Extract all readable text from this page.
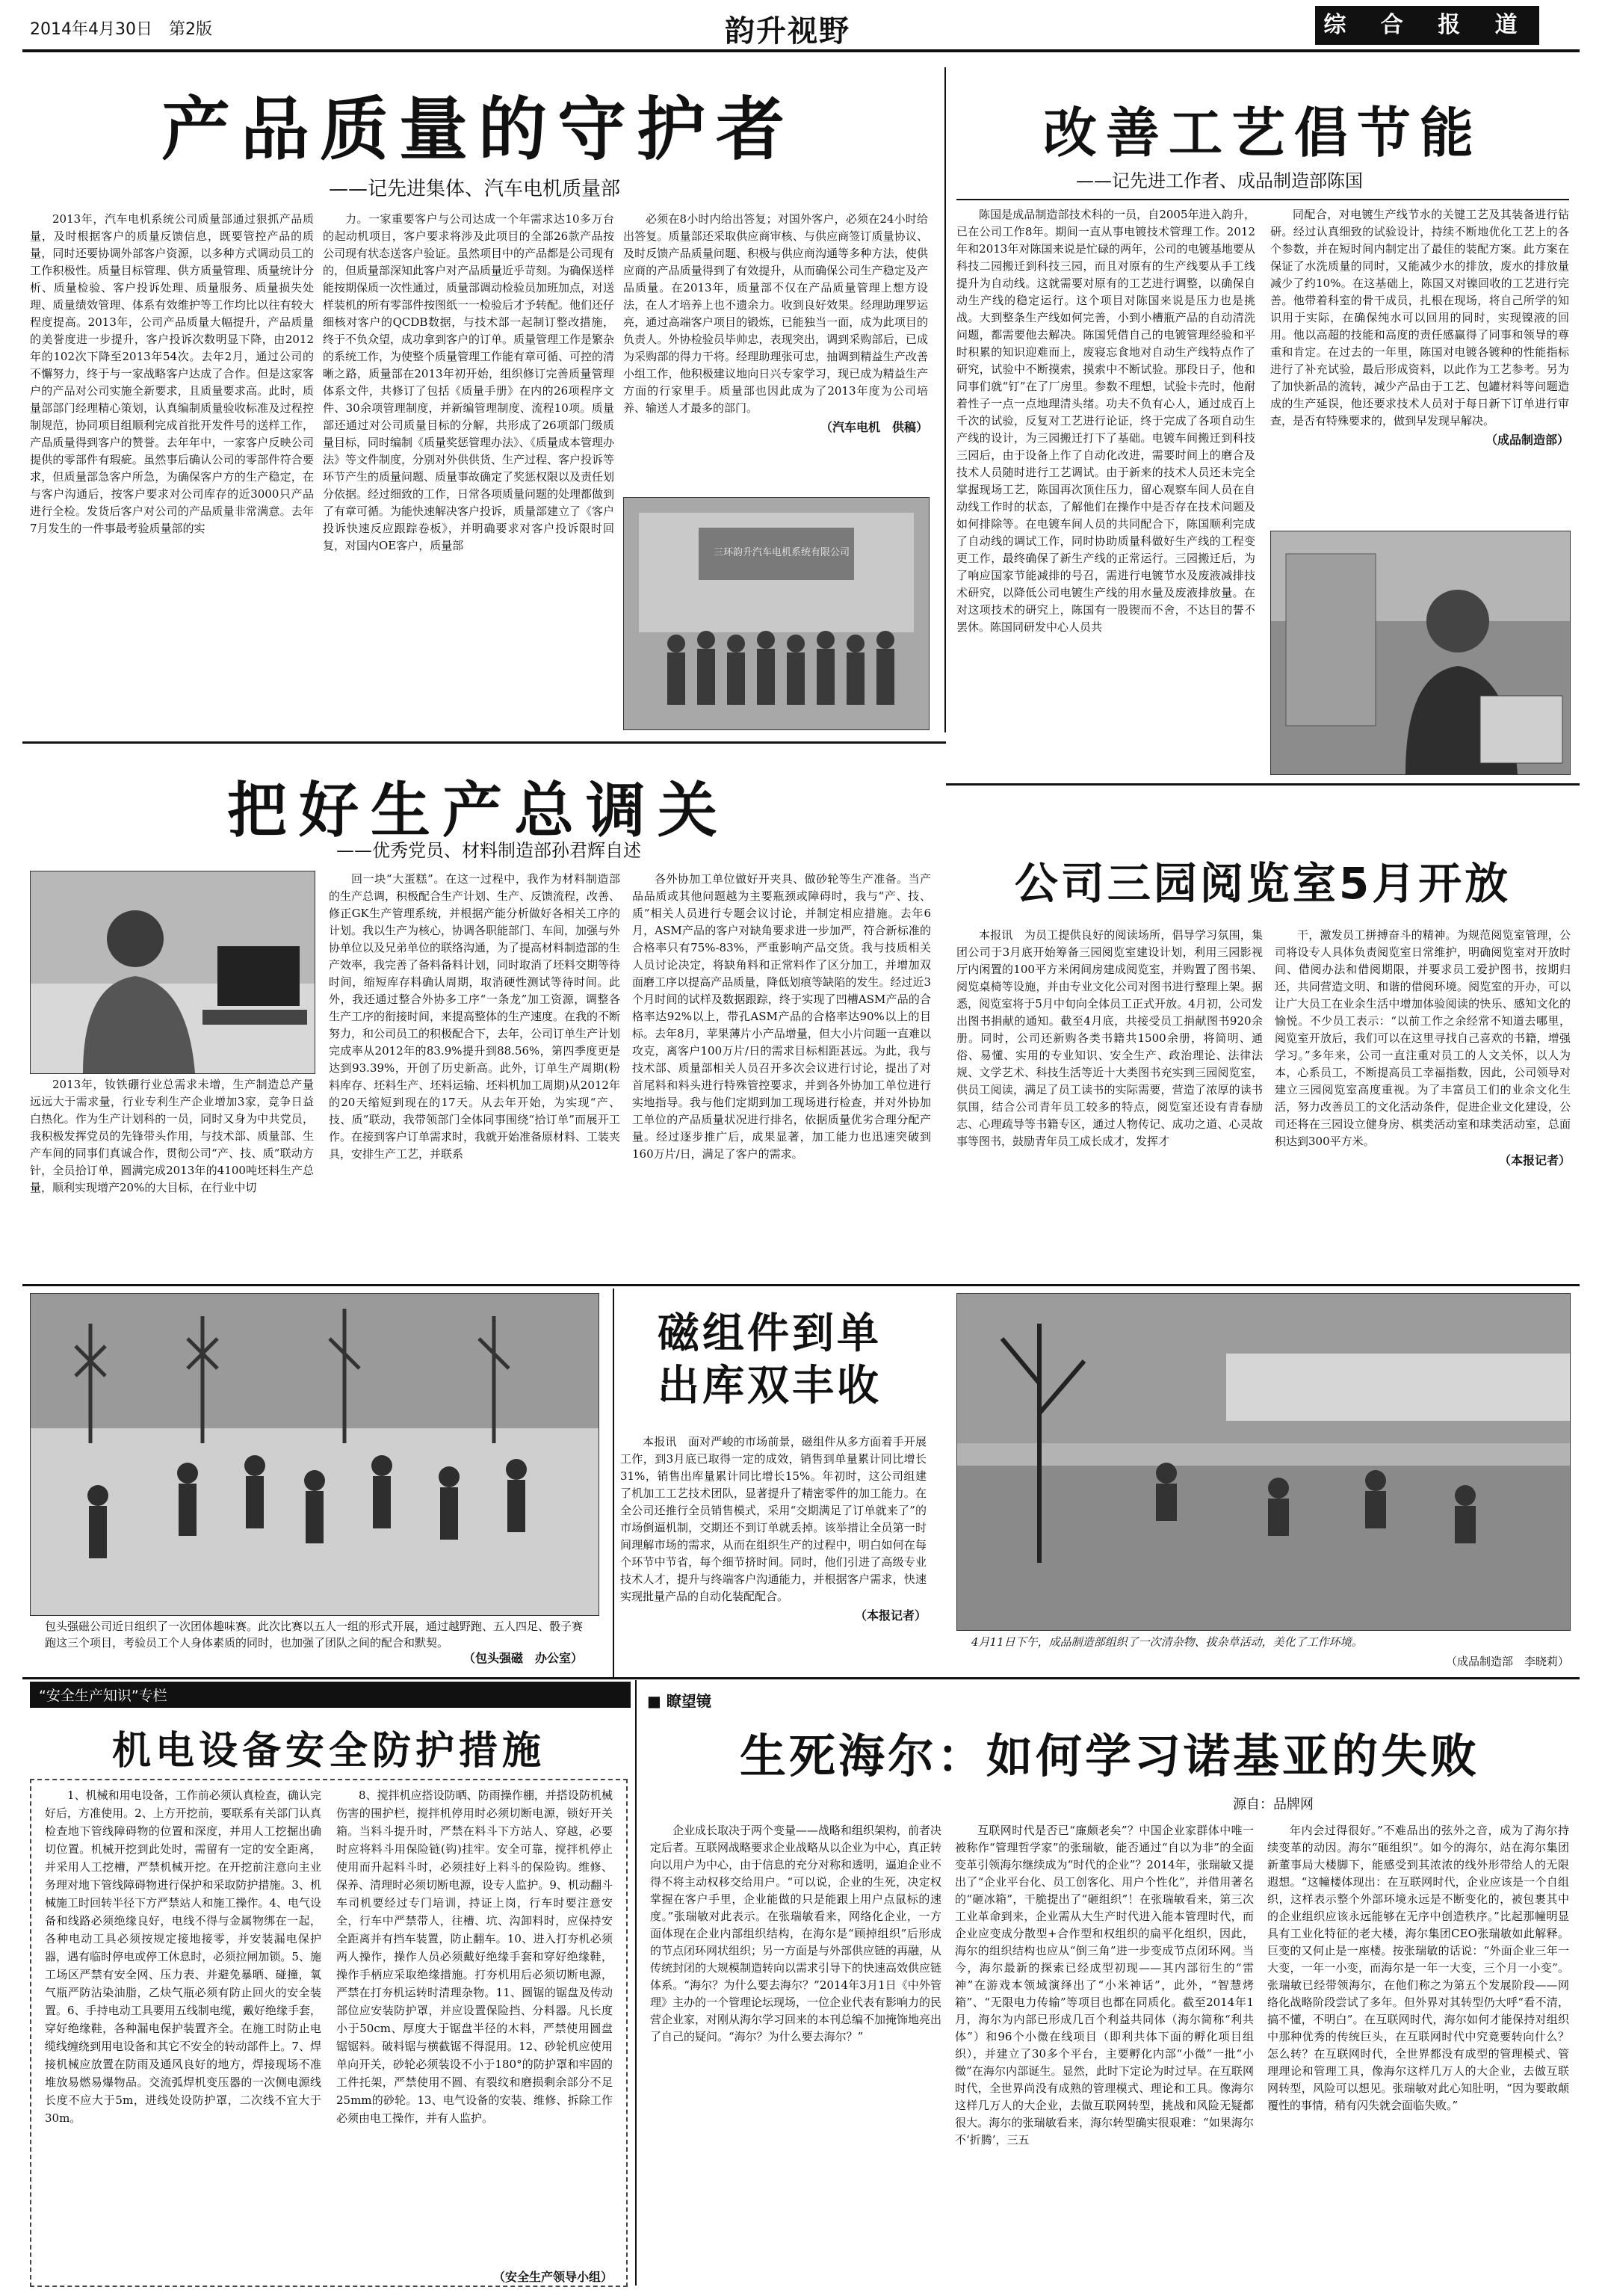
2014年4月30日　第2版	韵升视野	综 合 报 道
产品质量的守护者
——记先进集体、汽车电机质量部

2013年，汽车电机系统公司质量部通过狠抓产品质量，及时根据客户的质量反馈信息，既要管控产品的质量，同时还要协调外部客户资源，以多种方式调动员工的工作积极性。质量目标管理、供方质量管理、质量统计分析、质量检验、客户投诉处理、质量服务、质量损失处理、质量绩效管理、体系有效维护等工作均比以往有较大程度提高。2013年，公司产品质量大幅提升，产品质量的美誉度进一步提升，客户投诉次数明显下降，由2012年的102次下降至2013年54次。去年2月，通过公司的不懈努力，终于与一家战略客户达成了合作。但是这家客户的产品对公司实施全新要求，且质量要求高。此时，质量部部门经理精心策划，认真编制质量验收标准及过程控制规范，协同项目组顺利完成首批开发件号的送样工作，产品质量得到客户的赞誉。去年年中，一家客户反映公司提供的零部件有瑕疵。虽然事后确认公司的零部件符合要求，但质量部急客户所急，为确保客户方的生产稳定，在与客户沟通后，按客户要求对公司库存的近3000只产品进行全检。发货后客户对公司的产品质量非常满意。去年7月发生的一件事最考验质量部的实

力。一家重要客户与公司达成一个年需求达10多万台的起动机项目，客户要求将涉及此项目的全部26款产品按公司现有状态送客户验证。虽然项目中的产品都是公司现有的，但质量部深知此客户对产品质量近乎苛刻。为确保送样能按期保质一次性通过，质量部调动检验员加班加点，对送样装机的所有零部件按图纸一一检验后才予转配。他们还仔细核对客户的QCDB数据，与技术部一起制订整改措施，终于不负众望，成功拿到客户的订单。质量管理工作是繁杂的系统工作，为使整个质量管理工作能有章可循、可控的清晰之路，质量部在2013年初开始，组织修订完善质量管理体系文件，共修订了包括《质量手册》在内的26项程序文件、30余项管理制度，并新编管理制度、流程10项。质量部还通过对公司质量目标的分解，共形成了26项部门级质量目标，同时编制《质量奖惩管理办法》、《质量成本管理办法》等文件制度，分别对外供供货、生产过程、客户投诉等环节产生的质量问题、质量事故确定了奖惩权限以及责任划分依据。经过细致的工作，日常各项质量问题的处理都做到了有章可循。为能快速解决客户投诉，质量部建立了《客户投诉快速反应跟踪卷板》，并明确要求对客户投诉限时回复，对国内OE客户，质量部

必须在8小时内给出答复；对国外客户，必须在24小时给出答复。质量部还采取供应商审核、与供应商签订质量协议、及时反馈产品质量问题、积极与供应商沟通等多种方法，使供应商的产品质量得到了有效提升，从而确保公司生产稳定及产品质量。在2013年，质量部不仅在产品质量管理上想方设法，在人才培养上也不遗余力。收到良好效果。经理助理罗运亮，通过高端客户项目的锻炼，已能独当一面，成为此项目的负责人。外协检验员毕帅忠，表现突出，调到采购部后，已成为采购部的得力干将。经理助理张可忠，抽调到精益生产改善小组工作，他积极建议地向日兴专家学习，现已成为精益生产方面的行家里手。质量部也因此成为了2013年度为公司培养、输送人才最多的部门。

（汽车电机　供稿）
三环韵升汽车电机系统有限公司
改善工艺倡节能
——记先进工作者、成品制造部陈国

陈国是成品制造部技术科的一员，自2005年进入韵升，已在公司工作8年。期间一直从事电镀技术管理工作。2012年和2013年对陈国来说是忙碌的两年，公司的电镀基地要从科技二园搬迁到科技三园，而且对原有的生产线要从手工线提升为自动线。这就需要对原有的工艺进行调整，以确保自动生产线的稳定运行。这个项目对陈国来说是压力也是挑战。大到整条生产线如何完善，小到小槽瓶产品的自动清洗问题，都需要他去解决。陈国凭借自己的电镀管理经验和平时积累的知识迎难而上，废寝忘食地对自动生产线特点作了研究，试验中不断摸索，摸索中不断试验。那段日子，他和同事们就“钉”在了厂房里。参数不理想，试验卡壳时，他耐着性子一点一点地理清头绪。功夫不负有心人，通过成百上千次的试验，反复对工艺进行论证，终于完成了各项自动生产线的设计，为三园搬迁打下了基础。电镀车间搬迁到科技三园后，由于设备上作了自动化改进，需要时间上的磨合及技术人员随时进行工艺调试。由于新来的技术人员还未完全掌握现场工艺，陈国再次顶住压力，留心观察车间人员在自动线工作时的状态，了解他们在操作中是否存在技术问题及如何排除等。在电镀车间人员的共同配合下，陈国顺利完成了自动线的调试工作，同时协助质量科做好生产线的工程变更工作，最终确保了新生产线的正常运行。三园搬迁后，为了响应国家节能减排的号召，需进行电镀节水及废液减排技术研究，以降低公司电镀生产线的用水量及废液排放量。在对这项技术的研究上，陈国有一股锲而不舍，不达目的誓不罢休。陈国同研发中心人员共

同配合，对电镀生产线节水的关键工艺及其装备进行钻研。经过认真细致的试验设计，持续不断地优化工艺上的各个参数，并在短时间内制定出了最佳的装配方案。此方案在保证了水洗质量的同时，又能减少水的排放，废水的排放量减少了约10%。在这基础上，陈国又对镍回收的工艺进行完善。他带着科室的骨干成员，扎根在现场，将自己所学的知识用于实际，在确保纯水可以回用的同时，实现镍液的回用。他以高超的技能和高度的责任感赢得了同事和领导的尊重和肯定。在过去的一年里，陈国对电镀各镀种的性能指标进行了补充试验，最后形成资料，以此作为工艺参考。另为了加快新品的流转，减少产品由于工艺、包罐材料等问题造成的生产延误，他还要求技术人员对于每日新下订单进行审查，是否有特殊要求的，做到早发现早解决。

（成品制造部）
把好生产总调关
——优秀党员、材料制造部孙君辉自述

2013年，钕铁硼行业总需求未增，生产制造总产量远远大于需求量，行业专利生产企业增加3家，竞争日益白热化。作为生产计划科的一员，同时又身为中共党员，我积极发挥党员的先锋带头作用，与技术部、质量部、生产车间的同事们真诚合作，贯彻公司“产、技、质”联动方针，全员拾订单，圆满完成2013年的4100吨坯料生产总量，顺利实现增产20%的大目标，在行业中切

回一块“大蛋糕”。在这一过程中，我作为材料制造部的生产总调，积极配合生产计划、生产、反馈流程，改善、修正GK生产管理系统，并根据产能分析做好各相关工序的计划。我以生产为核心，协调各职能部门、车间，加强与外协单位以及兄弟单位的联络沟通，为了提高材料制造部的生产效率，我完善了备料备料计划，同时取消了坯料交期等待时间，缩短库存料确认周期，取消硬性测试等待时间。此外，我还通过整合外协多工序“一条龙”加工资源，调整各生产工序的衔接时间，来提高整体的生产速度。在我的不断努力，和公司员工的积极配合下，去年，公司订单生产计划完成率从2012年的83.9%提升到88.56%，第四季度更是达到93.39%，开创了历史新高。此外，订单生产周期(粉料库存、坯料生产、坯料运输、坯料机加工周期)从2012年的20天缩短到现在的17天。从去年开始，为实现“产、技、质”联动，我带领部门全体同事围绕“拾订单”而展开工作。在接到客户订单需求时，我就开始准备原材料、工装夹具，安排生产工艺，并联系

各外协加工单位做好开夹具、做砂轮等生产准备。当产品品质或其他问题越为主要瓶颈或障碍时，我与“产、技、质”相关人员进行专题会议讨论，并制定相应措施。去年6月，ASM产品的客户对缺角要求进一步加严，符合新标准的合格率只有75%-83%，严重影响产品交货。我与技质相关人员讨论决定，将缺角料和正常料作了区分加工，并增加双面磨工序以提高产品质量，降低划痕等缺陷的发生。经过近3个月时间的试样及数据跟踪，终于实现了凹槽ASM产品的合格率达92%以上，带孔ASM产品的合格率达90%以上的目标。去年8月，苹果薄片小产品增量，但大小片问题一直难以攻克，离客户100万片/日的需求目标相距甚远。为此，我与技术部、质量部相关人员召开多次会议进行讨论，提出了对首尾料和料头进行特殊管控要求，并到各外协加工单位进行实地指导。我与他们定期到加工现场进行检查，并对外协加工单位的产品质量状况进行排名，依据质量优劣合理分配产量。经过逐步推广后，成果显著，加工能力也迅速突破到160万片/日，满足了客户的需求。

公司三园阅览室5月开放

本报讯　为员工提供良好的阅读场所，倡导学习氛围，集团公司于3月底开始筹备三园阅览室建设计划，利用三园影视厅内闲置的100平方米闲间房建成阅览室，并购置了图书架、阅览桌椅等设施，并由专业文化公司对图书进行整理上架。据悉，阅览室将于5月中旬向全体员工正式开放。4月初，公司发出图书捐献的通知。截至4月底，共接受员工捐献图书920余册。同时，公司还新购各类书籍共1500余册，将简明、通俗、易懂、实用的专业知识、安全生产、政治理论、法律法规、文学艺术、科技生活等近十大类图书充实到三园阅览室，供员工阅读，满足了员工读书的实际需要，营造了浓厚的读书氛围，结合公司青年员工较多的特点，阅览室还设有青春励志、心理疏导等书籍专区，通过人物传记、成功之道、心灵故事等图书，鼓励青年员工成长成才，发挥才

干，激发员工拼搏奋斗的精神。为规范阅览室管理，公司将设专人具体负责阅览室日常维护，明确阅览室对开放时间、借阅办法和借阅期限，并要求员工爱护图书，按期归还，共同营造文明、和谐的借阅环境。阅览室的开办，可以让广大员工在业余生活中增加体验阅读的快乐、感知文化的愉悦。不少员工表示：“以前工作之余经常不知道去哪里，阅览室开放后，我们可以在这里寻找自己喜欢的书籍，增强学习。”多年来，公司一直注重对员工的人文关怀，以人为本，心系员工，不断提高员工幸福指数，因此，公司领导对建立三园阅览室高度重视。为了丰富员工们的业余文化生活，努力改善员工的文化活动条件，促进企业文化建设，公司还将在三园设立健身房、棋类活动室和球类活动室，总面积达到300平方米。

（本报记者）
包头强磁公司近日组织了一次团体趣味赛。此次比赛以五人一组的形式开展，通过越野跑、五人四足、骰子赛跑这三个项目，考验员工个人身体素质的同时，也加强了团队之间的配合和默契。
（包头强磁　办公室）
磁组件到单
出库双丰收

本报讯　面对严峻的市场前景，磁组件从多方面着手开展工作，到3月底已取得一定的成效，销售到单量累计同比增长31%，销售出库量累计同比增长15%。年初时，这公司组建了机加工工艺技术团队，显著提升了精密零件的加工能力。在全公司还推行全员销售模式，采用“交期满足了订单就来了”的市场倒逼机制，交期还不到订单就丢掉。该举措让全员第一时间理解市场的需求，从而在组织生产的过程中，明白如何在每个环节中节省，每个细节挤时间。同时，他们引进了高级专业技术人才，提升与终端客户沟通能力，并根据客户需求，快速实现批量产品的自动化装配配合。

（本报记者）
4月11日下午，成品制造部组织了一次清杂物、拔杂草活动，美化了工作环境。
（成品制造部　李晓莉）
“安全生产知识”专栏
机电设备安全防护措施

1、机械和用电设备，工作前必须认真检查，确认完好后，方准使用。2、上方开挖前，要联系有关部门认真检查地下管线障碍物的位置和深度，并用人工挖掘出确切位置。机械开挖到此处时，需留有一定的安全距离，并采用人工挖槽，严禁机械开挖。在开挖前注意向主业务理对地下管线障碍物进行保护和采取防护措施。3、机械施工时回转半径下方严禁站人和施工操作。4、电气设备和线路必须绝缘良好，电线不得与金属物绑在一起，各种电动工具必须按规定接地接零，并安装漏电保护器，遇有临时停电或停工休息时，必须拉闸加锁。5、施工场区严禁有安全网、压力表、并避免暴晒、碰撞，氧气瓶严防沾染油脂，乙炔气瓶必须有防止回火的安全装置。6、手持电动工具要用五线制电缆，戴好绝缘手套，穿好绝缘鞋，各种漏电保护装置齐全。在施工时防止电缆线缠绕到用电设备和其它不安全的转动部件上。7、焊接机械应放置在防雨及通风良好的地方，焊接现场不准堆放易燃易爆物品。交流弧焊机变压器的一次侧电源线长度不应大于5m，进线处设防护罩，二次线不宜大于30m。

8、搅拌机应搭设防晒、防雨操作棚，并搭设防机械伤害的围护栏，搅拌机停用时必须切断电源，锁好开关箱。当料斗提升时，严禁在料斗下方站人、穿越，必要时应将料斗用保险链(钩)挂牢。安全可靠，搅拌机停止使用而升起料斗时，必须挂好上料斗的保险钩。维修、保养、清理时必须切断电源，设专人监护。9、机动翻斗车司机要经过专门培训，持证上岗，行车时要注意安全，行车中严禁带人，往槽、坑、沟卸料时，应保持安全距离并有挡车装置，防止翻车。10、进入打夯机必须两人操作，操作人员必须戴好绝缘手套和穿好绝缘鞋，操作手柄应采取绝缘措施。打夯机用后必须切断电源，严禁在打夯机运转时清理杂物。11、圆锯的锯盘及传动部位应安装防护罩，并应设置保险挡、分料器。凡长度小于50cm、厚度大于锯盘半径的木料，严禁使用圆盘锯锯料。破料锯与横截锯不得混用。12、砂轮机应使用单向开关，砂轮必须装设不小于180°的防护罩和牢固的工件托架，严禁使用不圆、有裂纹和磨损剩余部分不足25mm的砂轮。13、电气设备的安装、维修、拆除工作必须由电工操作，并有人监护。

（安全生产领导小组）
■ 瞭望镜
生死海尔：如何学习诺基亚的失败
源自：品牌网

企业成长取决于两个变量——战略和组织架构，前者决定后者。互联网战略要求企业战略从以企业为中心，真正转向以用户为中心，由于信息的充分对称和透明，逼迫企业不得不将主动权移交给用户。“可以说，企业的生死，决定权掌握在客户手里，企业能做的只是能跟上用户点鼠标的速度。”张瑞敏对此表示。在张瑞敏看来，网络化企业，一方面体现在企业内部组织结构，在海尔是“顾掉组织”后形成的节点闭环网状组织；另一方面是与外部供应链的再融，从传统封闭的大规模制造转向以需求引导下的快速高效供应链体系。“海尔？为什么要去海尔？”2014年3月1日《中外管理》主办的一个管理论坛现场，一位企业代表有影响力的民营企业家，对刚从海尔学习回来的本刊总编不加掩饰地亮出了自己的疑问。“海尔？为什么要去海尔？”

互联网时代是否已“廉颇老矣”？中国企业家群体中唯一被称作“管理哲学家”的张瑞敏，能否通过“自以为非”的全面变革引领海尔继续成为“时代的企业”？2014年，张瑞敏又提出了“企业平台化、员工创客化、用户个性化”，并借用著名的“砸冰箱”，干脆提出了“砸组织”！在张瑞敏看来，第三次工业革命到来，企业需从大生产时代进入能本管理时代，而企业应变成分散型+合作型和权组织的扁平化组织，因此，海尔的组织结构也应从“倒三角”进一步变成节点闭环网。当今，海尔最新的探索已经成型初现——其内部衍生的“雷神”在游戏本领域演绎出了“小米神话”，此外，“智慧烤箱”、“无限电力传输”等项目也都在同质化。截至2014年1月，海尔为内部已形成几百个利益共同体（海尔简称“利共体”）和96个小微在线项目（即利共体下面的孵化项目组织），并建立了30多个平台，主要孵化内部“小微”一批“小微”在海尔内部诞生。显然，此时下定论为时过早。在互联网时代，全世界尚没有成熟的管理模式、理论和工具。像海尔这样几万人的大企业，去做互联网转型，挑战和风险无疑都很大。海尔的张瑞敏看来，海尔转型确实很艰难：“如果海尔不‘折腾’，三五

年内会过得很好。”不难品出的弦外之音，成为了海尔持续变革的动因。海尔“砸组织”。如今的海尔，站在海尔集团新董事局大楼脚下，能感受到其浓浓的线外形带给人的无限遐想。“这幢楼体现出：在互联网时代，企业应该是一个自组织，这样表示整个外部环境永远是不断变化的，被包裹其中的企业组织应该永远能够在无序中创造秩序。”比起那幢明显具有工业化特征的老大楼，海尔集团CEO张瑞敏如此解释。巨变的又何止是一座楼。按张瑞敏的话说：“外面企业三年一大变，一年一小变，而海尔是一年一大变，三个月一小变”。张瑞敏已经带领海尔，在他们称之为第五个发展阶段——网络化战略阶段尝试了多年。但外界对其转型仍大呼“看不清，搞不懂，不明白”。在互联网时代，海尔如何才能保持对组织中那种优秀的传统巨头，在互联网时代中究竟要转向什么？怎么转？在互联网时代，全世界都没有成型的管理模式、管理理论和管理工具，像海尔这样几万人的大企业，去做互联网转型，风险可以想见。张瑞敏对此心知肚明，“因为要敢颠覆性的事情，稍有闪失就会面临失败。”
